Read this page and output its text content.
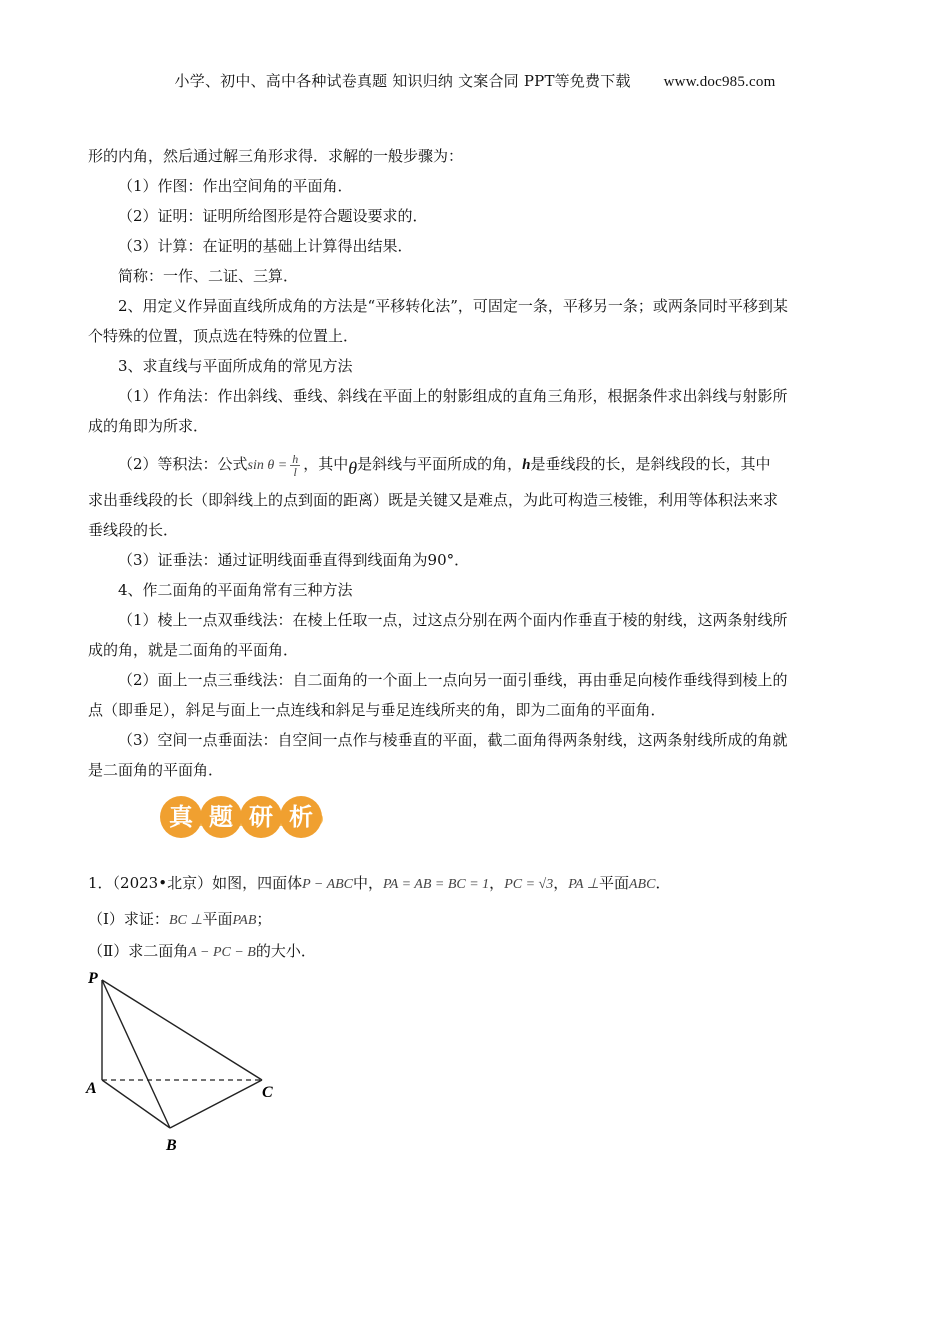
小学、初中、高中各种试卷真题 知识归纳 文案合同 PPT等免费下载 www.doc985.com
形的内角，然后通过解三角形求得．求解的一般步骤为：
（1）作图：作出空间角的平面角．
（2）证明：证明所给图形是符合题设要求的．
（3）计算：在证明的基础上计算得出结果．
简称：一作、二证、三算．
2、用定义作异面直线所成角的方法是“平移转化法”，可固定一条，平移另一条；或两条同时平移到某
个特殊的位置，顶点选在特殊的位置上．
3、求直线与平面所成角的常见方法
（1）作角法：作出斜线、垂线、斜线在平面上的射影组成的直角三角形，根据条件求出斜线与射影所
成的角即为所求．
（2）等积法：公式$\sin \theta = \frac{h}{l}$ ，其中θ是斜线与平面所成的角，h是垂线段的长，是斜线段的长，其中
求出垂线段的长（即斜线上的点到面的距离）既是关键又是难点，为此可构造三棱锥，利用等体积法来求
垂线段的长．
（3）证垂法：通过证明线面垂直得到线面角为90°．
4、作二面角的平面角常有三种方法
（1）棱上一点双垂线法：在棱上任取一点，过这点分别在两个面内作垂直于棱的射线，这两条射线所
成的角，就是二面角的平面角．
（2）面上一点三垂线法：自二面角的一个面上一点向另一面引垂线，再由垂足向棱作垂线得到棱上的
点（即垂足），斜足与面上一点连线和斜足与垂足连线所夹的角，即为二面角的平面角．
（3）空间一点垂面法：自空间一点作与棱垂直的平面，截二面角得两条射线，这两条射线所成的角就
是二面角的平面角．
真 题 研 析
1．（2023•北京）如图，四面体P − ABC中，PA = AB = BC = 1，PC = √3，PA ⊥平面ABC．
（Ⅰ）求证：BC ⊥平面PAB；
（Ⅱ）求二面角A − PC − B的大小．
P
A	C
B
